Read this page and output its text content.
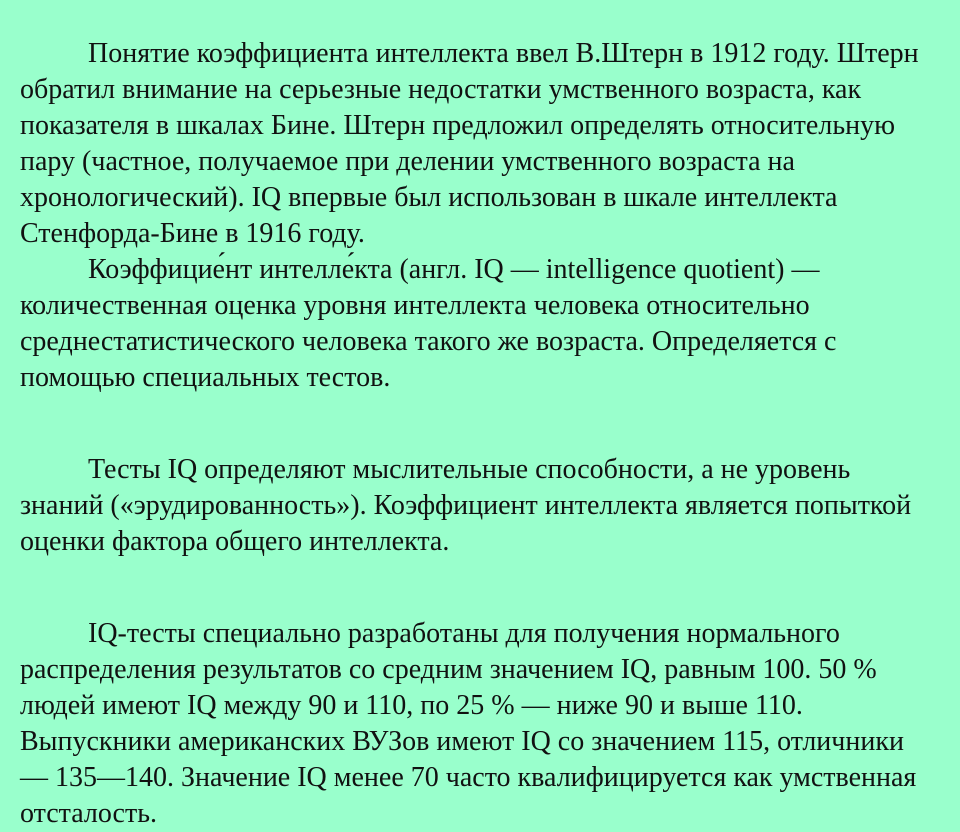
Понятие коэффициента интеллекта ввел В.Штерн в 1912 году. Штерн обратил внимание на серьезные недостатки умственного возраста, как показателя в шкалах Бине. Штерн предложил определять относительную пару (частное, получаемое при делении умственного возраста на хронологический). IQ впервые был использован в шкале интеллекта Стенфорда-Бине в 1916 году.

Коэффицие́нт интелле́кта (англ. IQ — intelligence quotient) — количественная оценка уровня интеллекта человека относительно среднестатистического человека такого же возраста. Определяется с помощью специальных тестов.

Тесты IQ определяют мыслительные способности, а не уровень знаний («эрудированность»). Коэффициент интеллекта является попыткой оценки фактора общего интеллекта.

IQ-тесты специально разработаны для получения нормального распределения результатов со средним значением IQ, равным 100. 50 % людей имеют IQ между 90 и 110, по 25 % — ниже 90 и выше 110. Выпускники американских ВУЗов имеют IQ со значением 115, отличники — 135—140. Значение IQ менее 70 часто квалифицируется как умственная отсталость.
